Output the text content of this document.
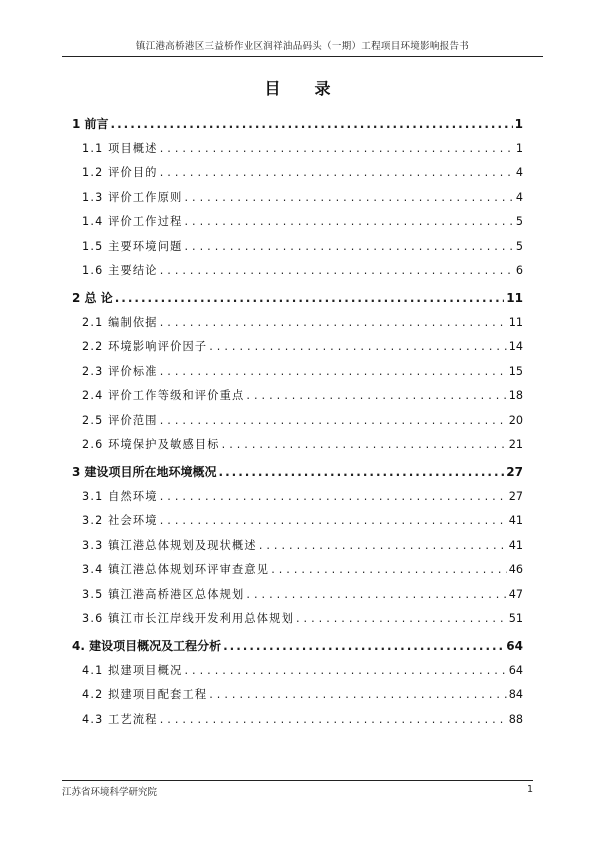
镇江港高桥港区三益桥作业区润祥油品码头（一期）工程项目环境影响报告书
目录
1 前言 .....	1
1.1 项目概述 .....	1
1.2 评价目的 .....	4
1.3 评价工作原则 .....	4
1.4 评价工作过程 .....	5
1.5 主要环境问题 .....	5
1.6 主要结论 .....	6
2 总 论 .....	11
2.1 编制依据 .....	11
2.2 环境影响评价因子 .....	14
2.3 评价标准 .....	15
2.4 评价工作等级和评价重点 .....	18
2.5 评价范围 .....	20
2.6 环境保护及敏感目标 .....	21
3 建设项目所在地环境概况 .....	27
3.1 自然环境 .....	27
3.2 社会环境 .....	41
3.3 镇江港总体规划及现状概述 .....	41
3.4 镇江港总体规划环评审查意见 .....	46
3.5 镇江港高桥港区总体规划 .....	47
3.6 镇江市长江岸线开发利用总体规划 .....	51
4. 建设项目概况及工程分析 .....	64
4.1 拟建项目概况 .....	64
4.2 拟建项目配套工程 .....	84
4.3 工艺流程 .....	88
江苏省环境科学研究院	1
